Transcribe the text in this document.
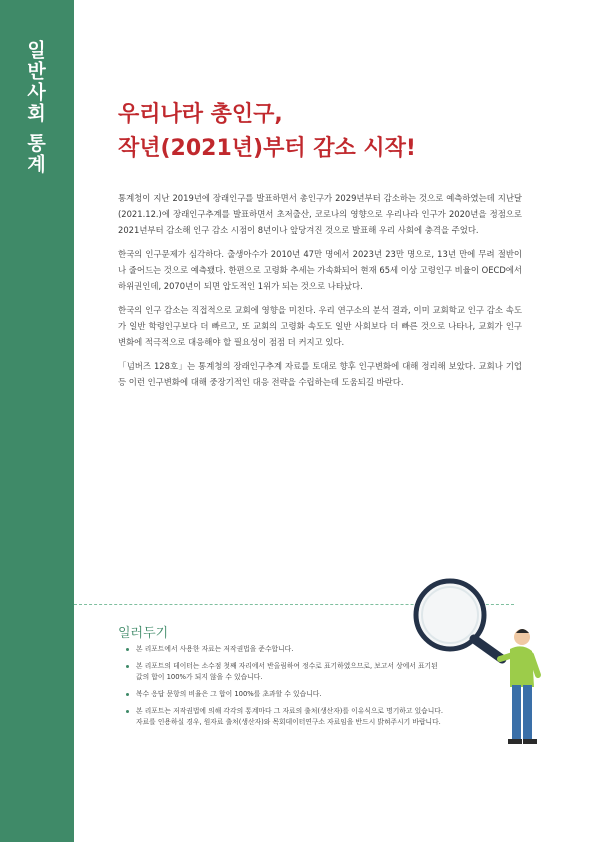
일반사회 통계	우리나라 총인구,
작년(2021년)부터 감소 시작!

통계청이 지난 2019년에 장래인구를 발표하면서 총인구가 2029년부터 감소하는 것으로 예측하였는데 지난달(2021.12.)에 장래인구추계를 발표하면서 초저출산, 코로나의 영향으로 우리나라 인구가 2020년을 정점으로 2021년부터 감소해 인구 감소 시점이 8년이나 앞당겨진 것으로 발표해 우리 사회에 충격을 주었다.

한국의 인구문제가 심각하다. 출생아수가 2010년 47만 명에서 2023년 23만 명으로, 13년 만에 무려 절반이나 줄어드는 것으로 예측됐다. 한편으로 고령화 추세는 가속화되어 현재 65세 이상 고령인구 비율이 OECD에서 하위권인데, 2070년이 되면 압도적인 1위가 되는 것으로 나타났다.

한국의 인구 감소는 직접적으로 교회에 영향을 미친다. 우리 연구소의 분석 결과, 이미 교회학교 인구 감소 속도가 일반 학령인구보다 더 빠르고, 또 교회의 고령화 속도도 일반 사회보다 더 빠른 것으로 나타나, 교회가 인구 변화에 적극적으로 대응해야 할 필요성이 점점 더 커지고 있다.

「넘버즈 128호」는 통계청의 장래인구추계 자료를 토대로 향후 인구변화에 대해 정리해 보았다. 교회나 기업 등 이런 인구변화에 대해 중장기적인 대응 전략을 수립하는데 도움되길 바란다.

일러두기
본 리포트에서 사용한 자료는 저작권법을 준수합니다.
본 리포트의 데이터는 소수점 첫째 자리에서 반올림하여 정수로 표기하였으므로, 보고서 상에서 표기된 값의 합이 100%가 되지 않을 수 있습니다.
복수 응답 문항의 비율은 그 합이 100%를 초과할 수 있습니다.
본 리포트는 저작권법에 의해 각각의 통계마다 그 자료의 출처(생산자)를 이유식으로 명기하고 있습니다. 자료를 인용하실 경우, 원자료 출처(생산자)와 목회데이터연구소 자료임을 반드시 밝혀주시기 바랍니다.
